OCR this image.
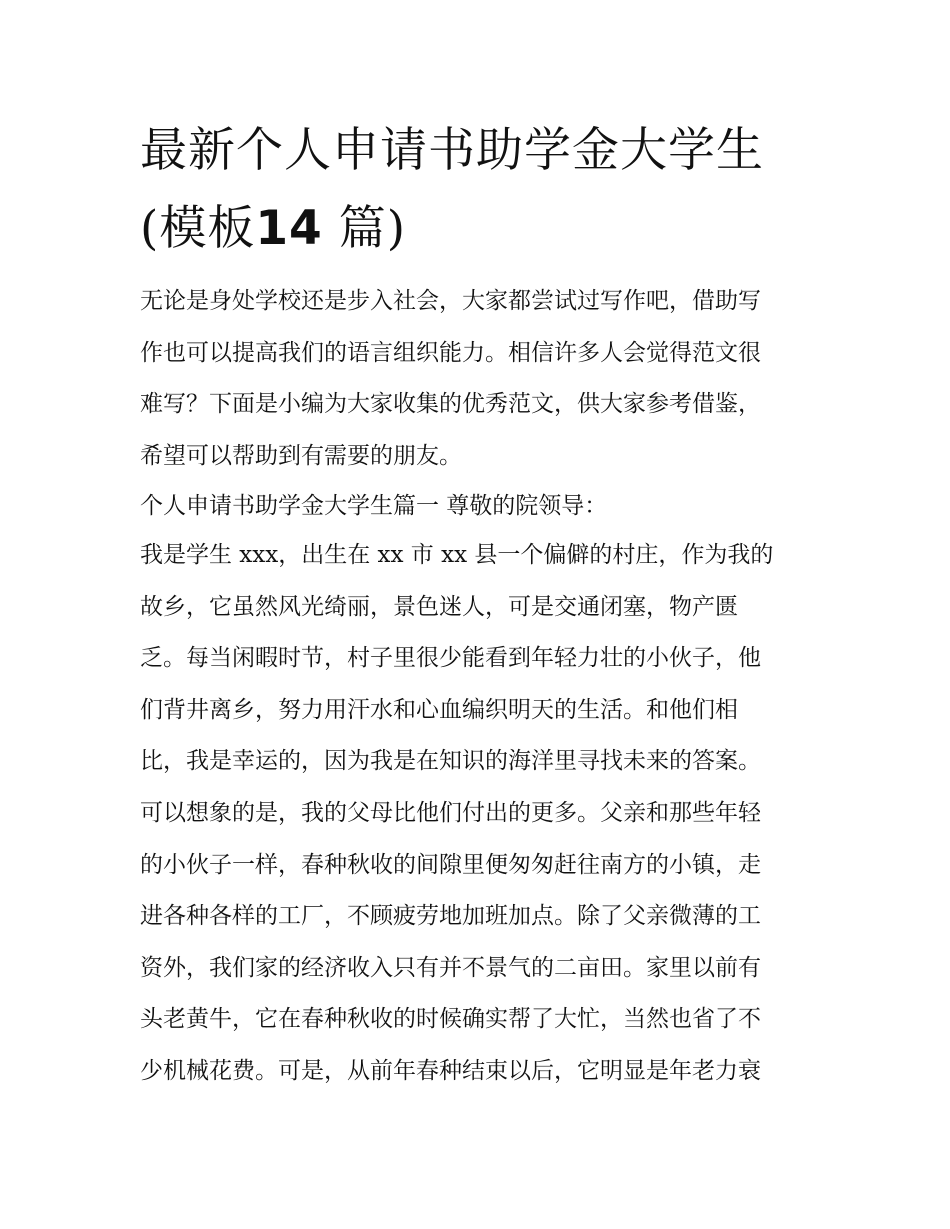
最新个人申请书助学金大学生
(模板14 篇)
无论是身处学校还是步入社会，大家都尝试过写作吧，借助写
作也可以提高我们的语言组织能力。相信许多人会觉得范文很
难写？下面是小编为大家收集的优秀范文，供大家参考借鉴，
希望可以帮助到有需要的朋友。
个人申请书助学金大学生篇一 尊敬的院领导：
我是学生 xxx，出生在 xx 市 xx 县一个偏僻的村庄，作为我的
故乡，它虽然风光绮丽，景色迷人，可是交通闭塞，物产匮
乏。每当闲暇时节，村子里很少能看到年轻力壮的小伙子，他
们背井离乡，努力用汗水和心血编织明天的生活。和他们相
比，我是幸运的，因为我是在知识的海洋里寻找未来的答案。
可以想象的是，我的父母比他们付出的更多。父亲和那些年轻
的小伙子一样，春种秋收的间隙里便匆匆赶往南方的小镇，走
进各种各样的工厂，不顾疲劳地加班加点。除了父亲微薄的工
资外，我们家的经济收入只有并不景气的二亩田。家里以前有
头老黄牛，它在春种秋收的时候确实帮了大忙，当然也省了不
少机械花费。可是，从前年春种结束以后，它明显是年老力衰
